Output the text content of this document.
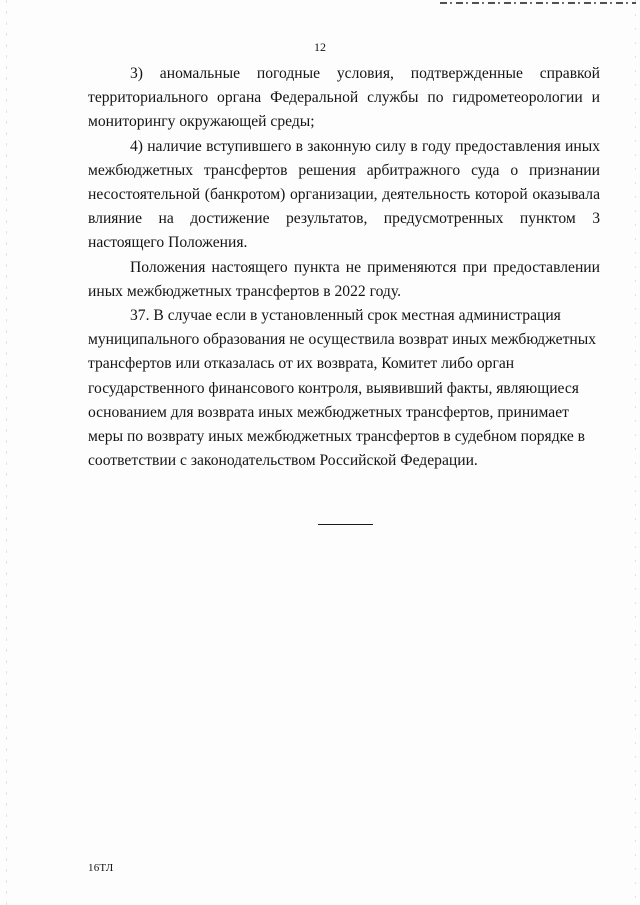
12

3) аномальные погодные условия, подтвержденные справкой территориального органа Федеральной службы по гидрометеорологии и мониторингу окружающей среды;

4) наличие вступившего в законную силу в году предоставления иных межбюджетных трансфертов решения арбитражного суда о признании несостоятельной (банкротом) организации, деятельность которой оказывала влияние на достижение результатов, предусмотренных пунктом 3 настоящего Положения.

Положения настоящего пункта не применяются при предоставлении иных межбюджетных трансфертов в 2022 году.

37. В случае если в установленный срок местная администрация муниципального образования не осуществила возврат иных межбюджетных трансфертов или отказалась от их возврата, Комитет либо орган государственного финансового контроля, выявивший факты, являющиеся основанием для возврата иных межбюджетных трансфертов, принимает меры по возврату иных межбюджетных трансфертов в судебном порядке в соответствии с законодательством Российской Федерации.

16ТЛ
